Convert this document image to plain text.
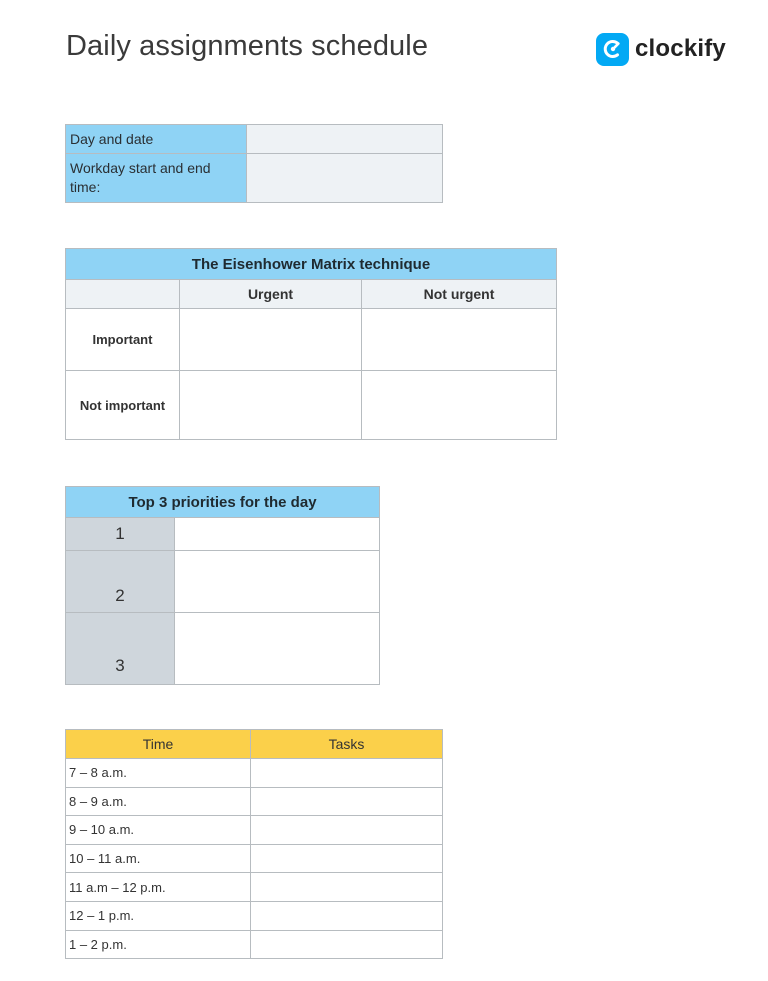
Daily assignments schedule	clockify
Day and date	
Workday start and end time:	
The Eisenhower Matrix technique		
	Urgent	Not urgent
Important		
Not important		
Top 3 priorities for the day	
1	
2	
3	
Time	Tasks
7 – 8 a.m.	
8 – 9 a.m.	
9 – 10 a.m.	
10 – 11 a.m.	
11 a.m – 12 p.m.	
12 – 1 p.m.	
1 – 2 p.m.	
